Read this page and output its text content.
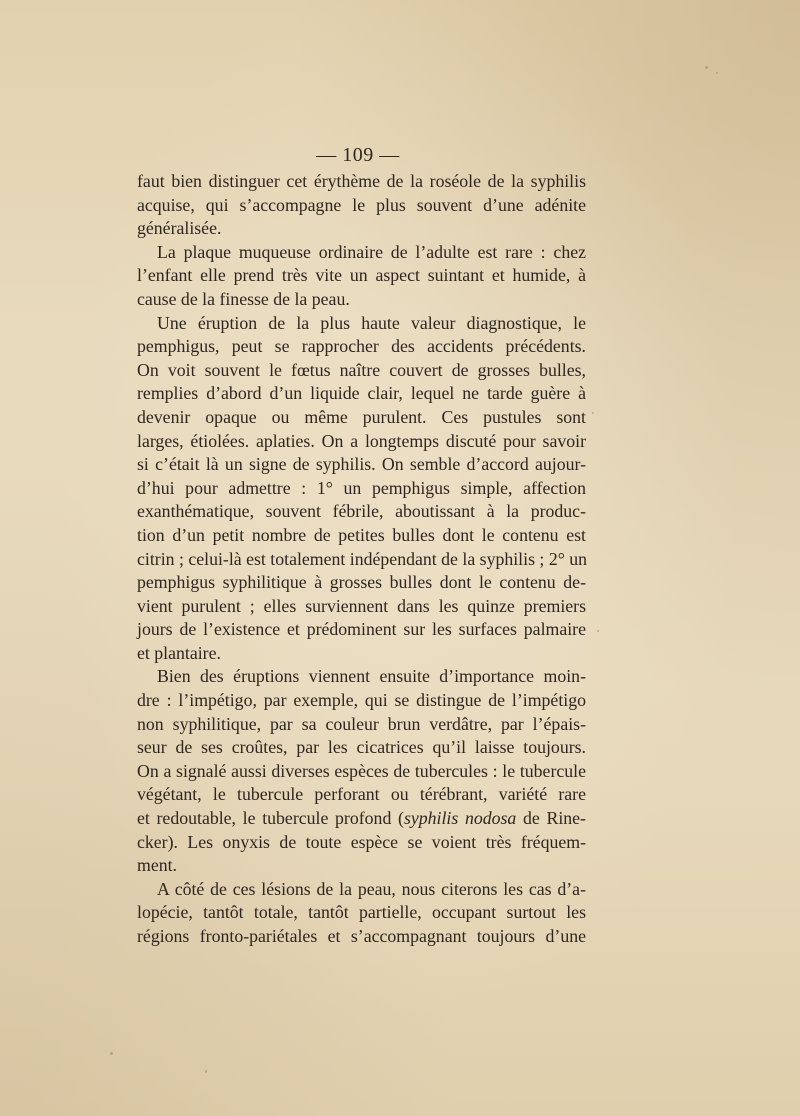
— 109 —
faut bien distinguer cet érythème de la roséole de la syphilis
acquise, qui s’accompagne le plus souvent d’une adénite
généralisée.
La plaque muqueuse ordinaire de l’adulte est rare : chez
l’enfant elle prend très vite un aspect suintant et humide, à
cause de la finesse de la peau.
Une éruption de la plus haute valeur diagnostique, le
pemphigus, peut se rapprocher des accidents précédents.
On voit souvent le fœtus naître couvert de grosses bulles,
remplies d’abord d’un liquide clair, lequel ne tarde guère à
devenir opaque ou même purulent. Ces pustules sont
larges, étiolées. aplaties. On a longtemps discuté pour savoir
si c’était là un signe de syphilis. On semble d’accord aujour-
d’hui pour admettre : 1° un pemphigus simple, affection
exanthématique, souvent fébrile, aboutissant à la produc-
tion d’un petit nombre de petites bulles dont le contenu est
citrin ; celui-là est totalement indépendant de la syphilis ; 2° un
pemphigus syphilitique à grosses bulles dont le contenu de-
vient purulent ; elles surviennent dans les quinze premiers
jours de l’existence et prédominent sur les surfaces palmaire
et plantaire.
Bien des éruptions viennent ensuite d’importance moin-
dre : l’impétigo, par exemple, qui se distingue de l’impétigo
non syphilitique, par sa couleur brun verdâtre, par l’épais-
seur de ses croûtes, par les cicatrices qu’il laisse toujours.
On a signalé aussi diverses espèces de tubercules : le tubercule
végétant, le tubercule perforant ou térébrant, variété rare
et redoutable, le tubercule profond (syphilis nodosa de Rine-
cker). Les onyxis de toute espèce se voient très fréquem-
ment.
A côté de ces lésions de la peau, nous citerons les cas d’a-
lopécie, tantôt totale, tantôt partielle, occupant surtout les
régions fronto-pariétales et s’accompagnant toujours d’une
